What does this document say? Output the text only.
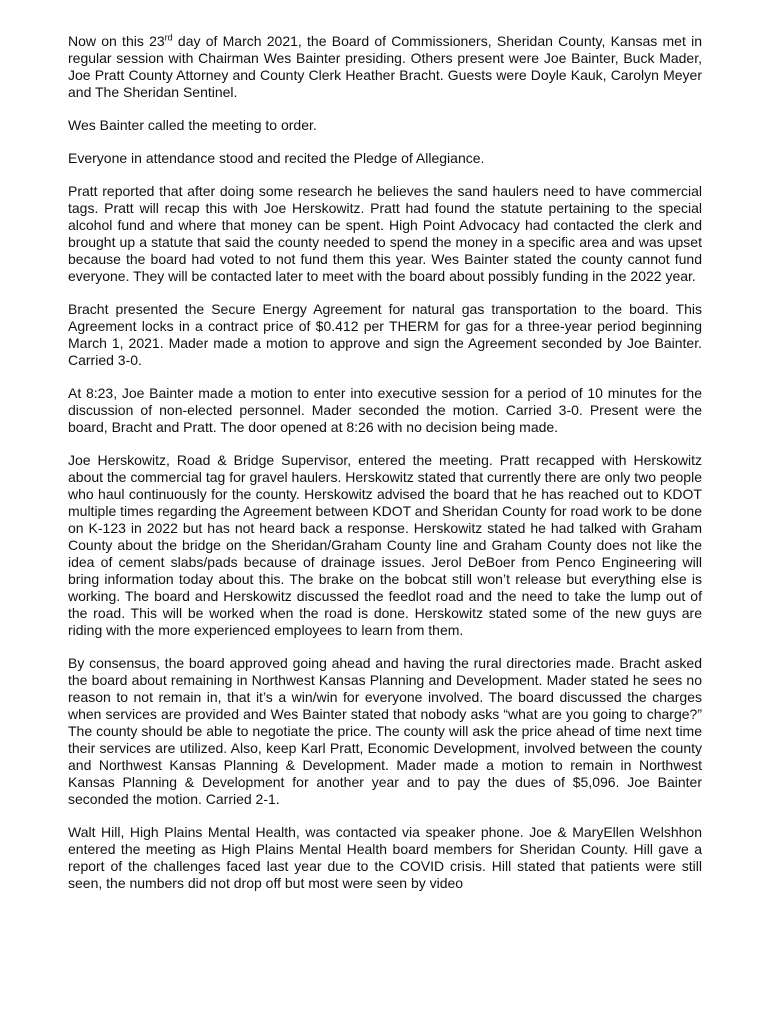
Now on this 23rd day of March 2021, the Board of Commissioners, Sheridan County, Kansas met in regular session with Chairman Wes Bainter presiding. Others present were Joe Bainter, Buck Mader, Joe Pratt County Attorney and County Clerk Heather Bracht. Guests were Doyle Kauk, Carolyn Meyer and The Sheridan Sentinel.

Wes Bainter called the meeting to order.

Everyone in attendance stood and recited the Pledge of Allegiance.

Pratt reported that after doing some research he believes the sand haulers need to have commercial tags. Pratt will recap this with Joe Herskowitz. Pratt had found the statute pertaining to the special alcohol fund and where that money can be spent. High Point Advocacy had contacted the clerk and brought up a statute that said the county needed to spend the money in a specific area and was upset because the board had voted to not fund them this year. Wes Bainter stated the county cannot fund everyone. They will be contacted later to meet with the board about possibly funding in the 2022 year.

Bracht presented the Secure Energy Agreement for natural gas transportation to the board. This Agreement locks in a contract price of $0.412 per THERM for gas for a three-year period beginning March 1, 2021. Mader made a motion to approve and sign the Agreement seconded by Joe Bainter. Carried 3-0.

At 8:23, Joe Bainter made a motion to enter into executive session for a period of 10 minutes for the discussion of non-elected personnel. Mader seconded the motion. Carried 3-0. Present were the board, Bracht and Pratt. The door opened at 8:26 with no decision being made.

Joe Herskowitz, Road & Bridge Supervisor, entered the meeting. Pratt recapped with Herskowitz about the commercial tag for gravel haulers. Herskowitz stated that currently there are only two people who haul continuously for the county. Herskowitz advised the board that he has reached out to KDOT multiple times regarding the Agreement between KDOT and Sheridan County for road work to be done on K-123 in 2022 but has not heard back a response. Herskowitz stated he had talked with Graham County about the bridge on the Sheridan/Graham County line and Graham County does not like the idea of cement slabs/pads because of drainage issues. Jerol DeBoer from Penco Engineering will bring information today about this. The brake on the bobcat still won’t release but everything else is working. The board and Herskowitz discussed the feedlot road and the need to take the lump out of the road. This will be worked when the road is done. Herskowitz stated some of the new guys are riding with the more experienced employees to learn from them.

By consensus, the board approved going ahead and having the rural directories made. Bracht asked the board about remaining in Northwest Kansas Planning and Development. Mader stated he sees no reason to not remain in, that it’s a win/win for everyone involved. The board discussed the charges when services are provided and Wes Bainter stated that nobody asks “what are you going to charge?” The county should be able to negotiate the price. The county will ask the price ahead of time next time their services are utilized. Also, keep Karl Pratt, Economic Development, involved between the county and Northwest Kansas Planning & Development. Mader made a motion to remain in Northwest Kansas Planning & Development for another year and to pay the dues of $5,096. Joe Bainter seconded the motion. Carried 2-1.

Walt Hill, High Plains Mental Health, was contacted via speaker phone. Joe & MaryEllen Welshhon entered the meeting as High Plains Mental Health board members for Sheridan County. Hill gave a report of the challenges faced last year due to the COVID crisis. Hill stated that patients were still seen, the numbers did not drop off but most were seen by video
